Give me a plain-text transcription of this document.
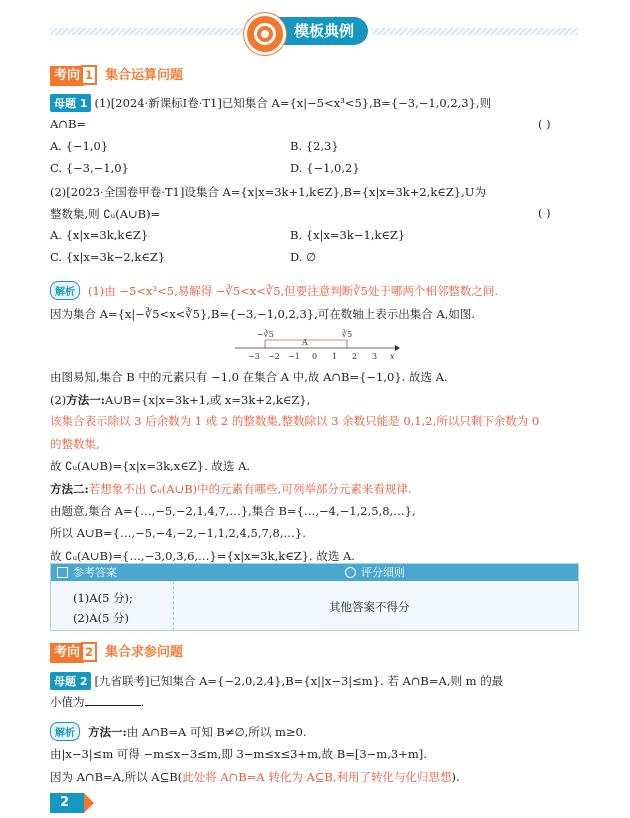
模板典例
考向 1 集合运算问题
母题 1 (1)[2024·新课标Ⅰ卷·T1]已知集合 A={x|−5<x³<5},B={−3,−1,0,2,3},则
A∩B=	( )
A. {−1,0}	B. {2,3}
C. {−3,−1,0}	D. {−1,0,2}
(2)[2023·全国卷甲卷·T1]设集合 A={x|x=3k+1,k∈Z},B={x|x=3k+2,k∈Z},U为
整数集,则 ∁ᵤ(A∪B)=	( )
A. {x|x=3k,k∈Z}	B. {x|x=3k−1,k∈Z}
C. {x|x=3k−2,k∈Z}	D. ∅
解析 (1)由 −5<x³<5,易解得 −∛5<x<∛5,但要注意判断∛5处于哪两个相邻整数之间.
因为集合 A={x|−∛5<x<∛5},B={−3,−1,0,2,3},可在数轴上表示出集合 A,如图.
−∛5	∛5
A
−3 −2 −1 0 1 2 3 x
由图易知,集合 B 中的元素只有 −1,0 在集合 A 中,故 A∩B={−1,0}. 故选 A.
(2)方法一:A∪B={x|x=3k+1,或 x=3k+2,k∈Z},
该集合表示除以 3 后余数为 1 或 2 的整数集,整数除以 3 余数只能是 0,1,2,所以只剩下余数为 0
的整数集,
故 ∁ᵤ(A∪B)={x|x=3k,x∈Z}. 故选 A.
方法二:若想象不出 ∁ᵤ(A∪B)中的元素有哪些,可列举部分元素来看规律.
由题意,集合 A={…,−5,−2,1,4,7,…},集合 B={…,−4,−1,2,5,8,…},
所以 A∪B={…,−5,−4,−2,−1,1,2,4,5,7,8,…}.
故 ∁ᵤ(A∪B)={…,−3,0,3,6,…}={x|x=3k,k∈Z}. 故选 A.
参考答案	评分细则
(1)A(5 分);
(2)A(5 分)
其他答案不得分
考向 2 集合求参问题
母题 2 [九省联考]已知集合 A={−2,0,2,4},B={x||x−3|≤m}. 若 A∩B=A,则 m 的最
小值为	.
解析 方法一:由 A∩B=A 可知 B≠∅,所以 m≥0.
由|x−3|≤m 可得 −m≤x−3≤m,即 3−m≤x≤3+m,故 B=[3−m,3+m].
因为 A∩B=A,所以 A⊆B(此处将 A∩B=A 转化为 A⊆B,利用了转化与化归思想).
2
